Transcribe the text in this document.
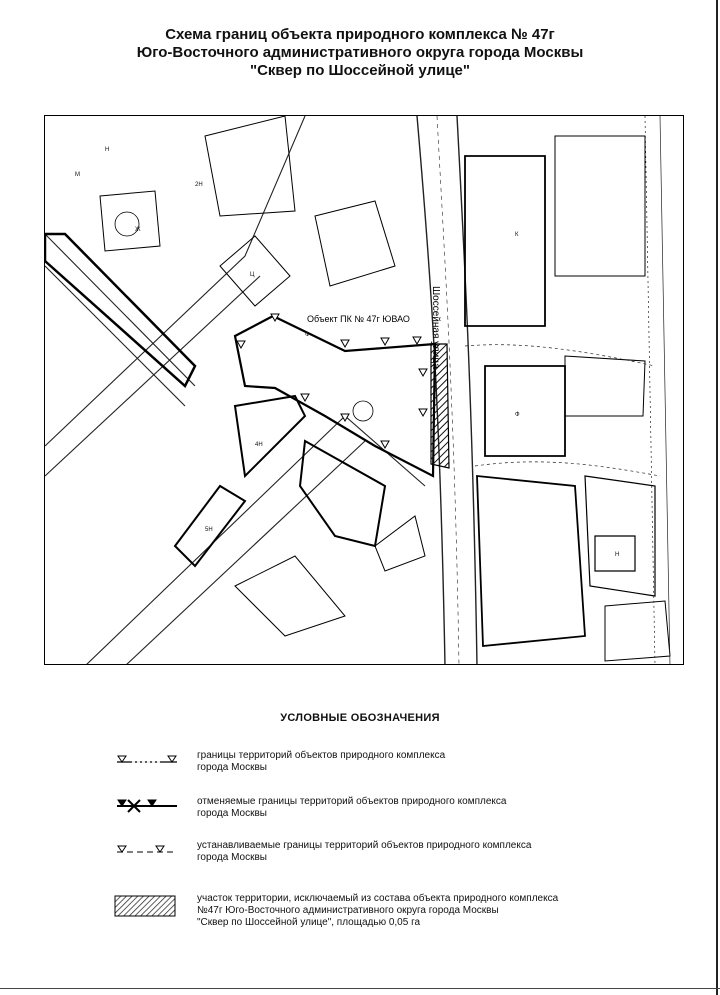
Схема границ объекта природного комплекса № 47г
Юго-Восточного административного округа города Москвы
"Сквер по Шоссейной улице"
Ж
Н
М
Ц
Ф
2Н
4Н
5Н
К
Ф
Н
Объект ПК № 47г ЮВАО Шоссейная улица
УСЛОВНЫЕ ОБОЗНАЧЕНИЯ
границы территорий объектов природного комплекса
города Москвы
отменяемые границы территорий объектов природного комплекса
города Москвы
устанавливаемые границы территорий объектов природного комплекса
города Москвы
участок территории, исключаемый из состава объекта природного комплекса
№47г Юго-Восточного административного округа города Москвы
"Сквер по Шоссейной улице", площадью 0,05 га
